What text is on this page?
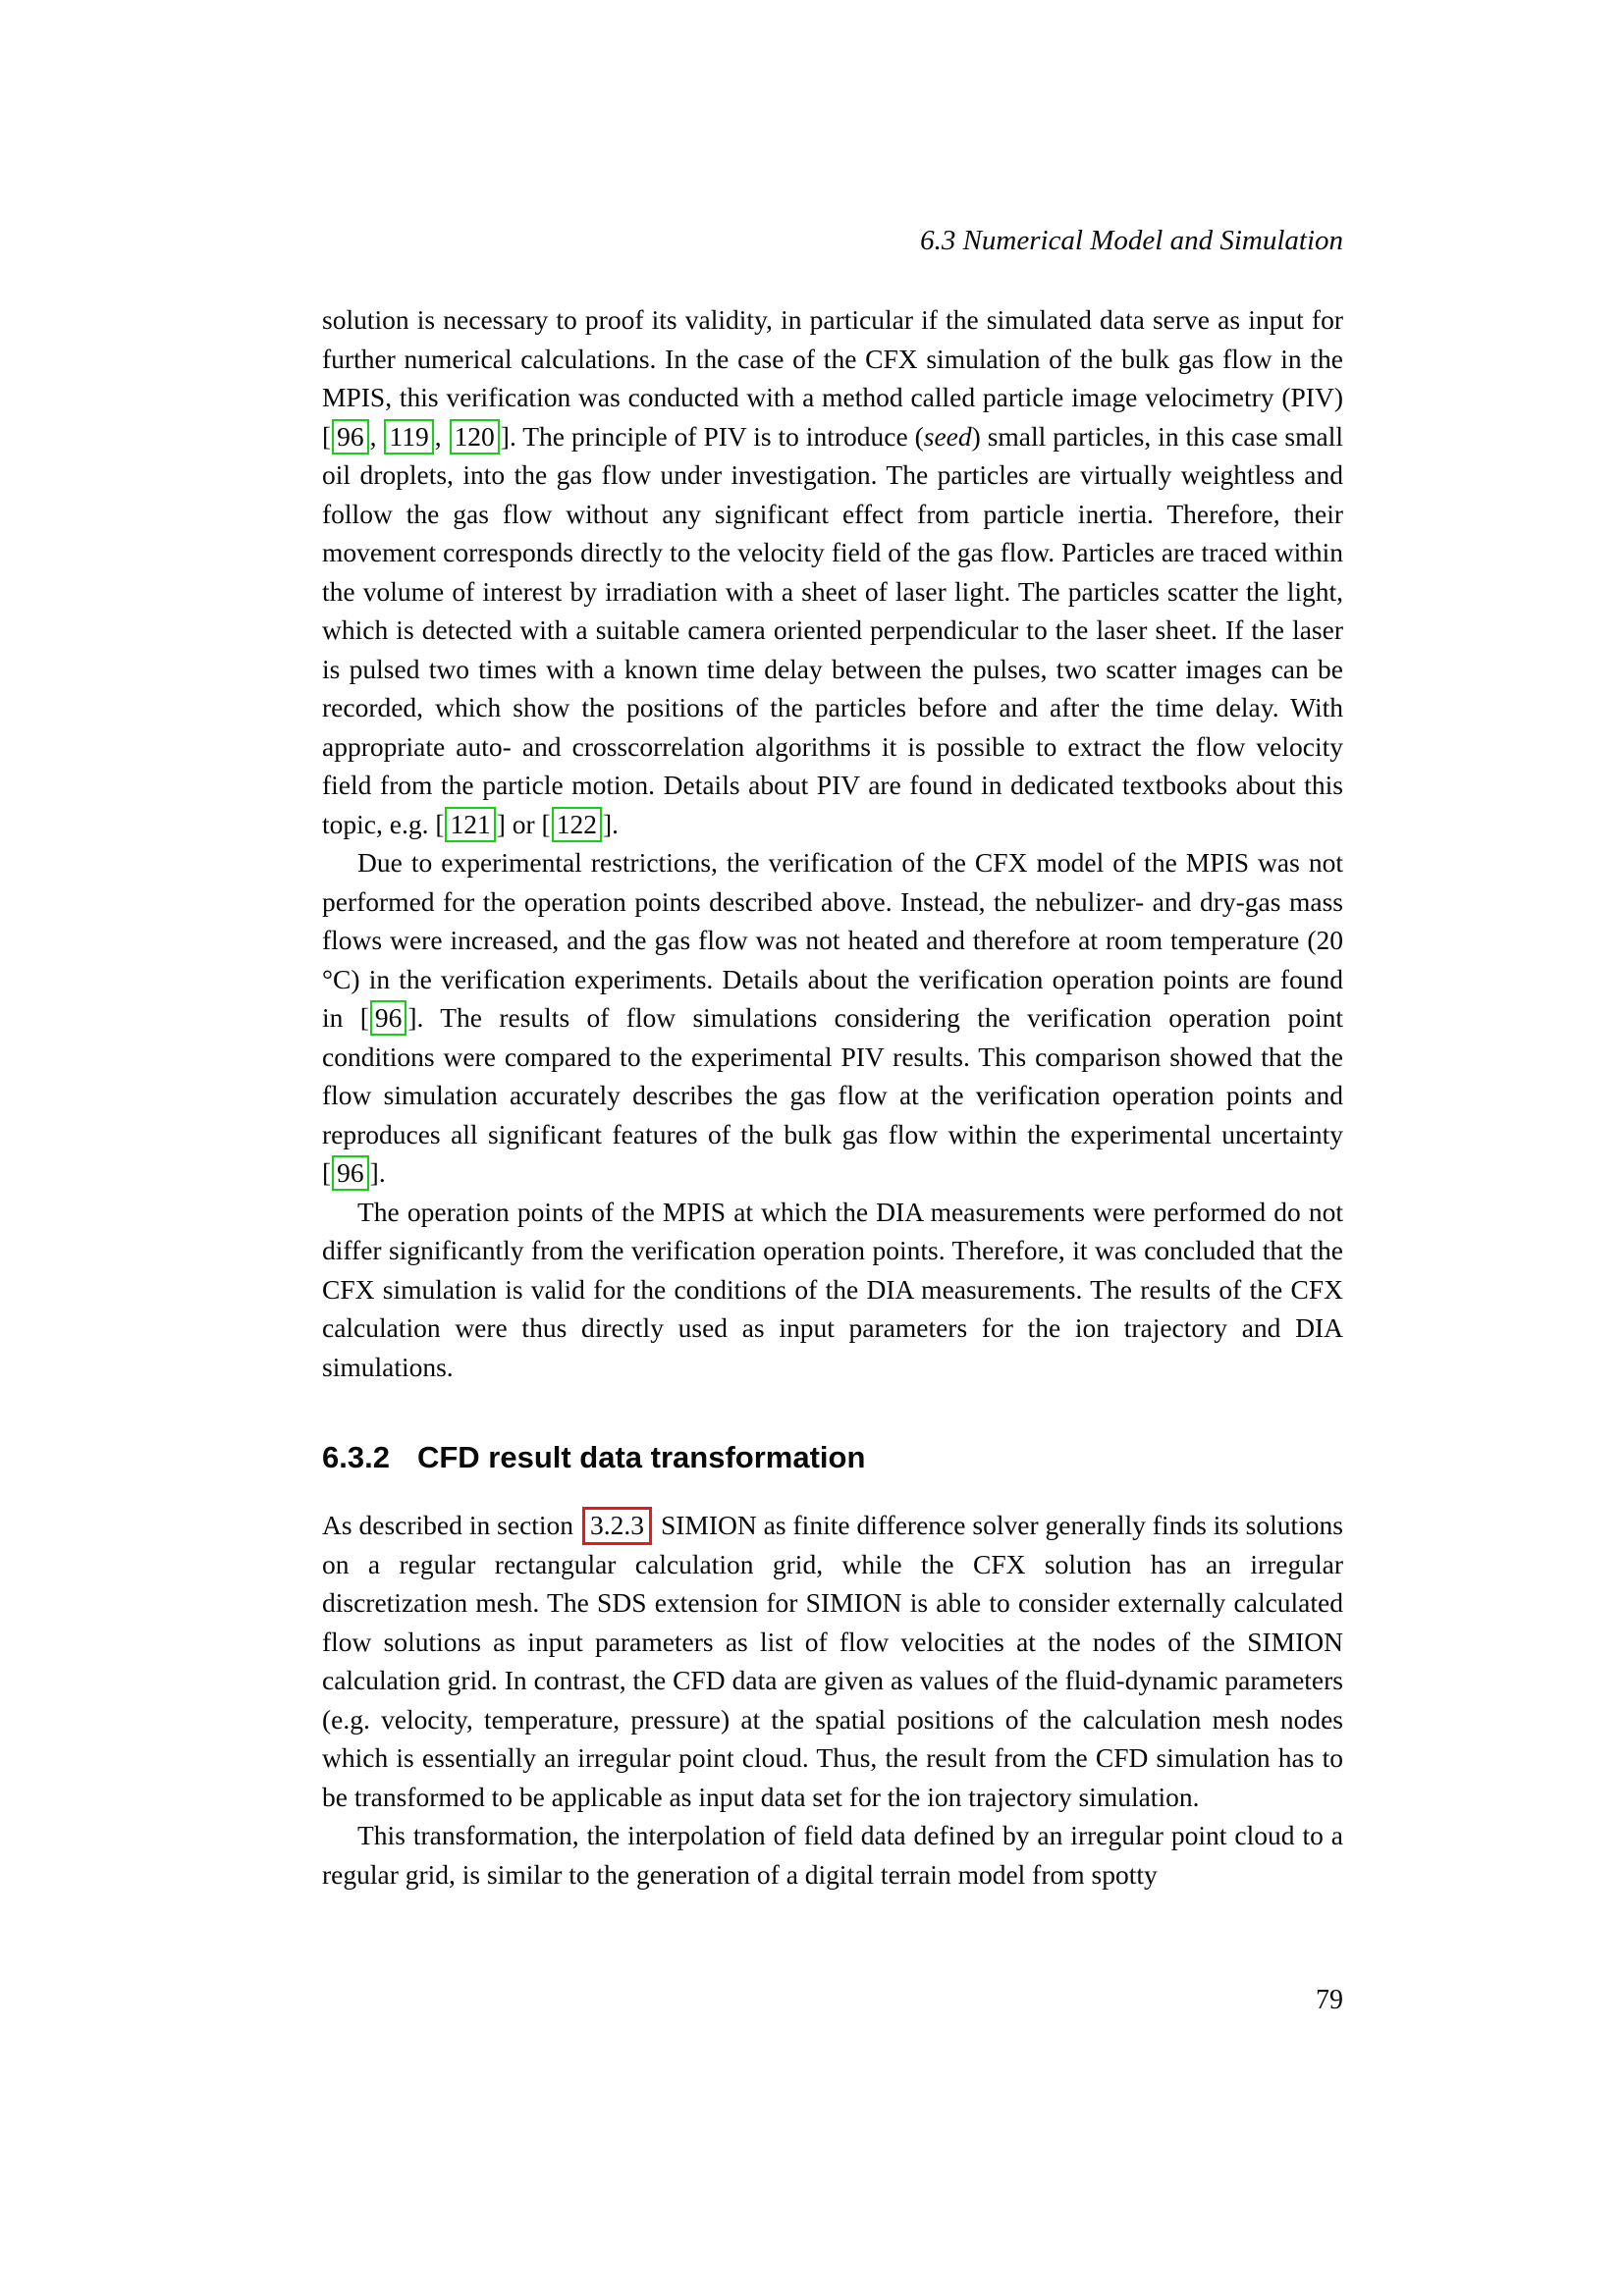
6.3 Numerical Model and Simulation

solution is necessary to proof its validity, in particular if the simulated data serve as input for further numerical calculations. In the case of the CFX simulation of the bulk gas flow in the MPIS, this verification was conducted with a method called particle image velocimetry (PIV) [ 96 , 119 , 120 ]. The principle of PIV is to introduce (seed) small particles, in this case small oil droplets, into the gas flow under investigation. The particles are virtually weightless and follow the gas flow without any significant effect from particle inertia. Therefore, their movement corresponds directly to the velocity field of the gas flow. Particles are traced within the volume of interest by irradiation with a sheet of laser light. The particles scatter the light, which is detected with a suitable camera oriented perpendicular to the laser sheet. If the laser is pulsed two times with a known time delay between the pulses, two scatter images can be recorded, which show the positions of the particles before and after the time delay. With appropriate auto- and crosscorrelation algorithms it is possible to extract the flow velocity field from the particle motion. Details about PIV are found in dedicated textbooks about this topic, e.g. [ 121 ] or [ 122 ].

Due to experimental restrictions, the verification of the CFX model of the MPIS was not performed for the operation points described above. Instead, the nebulizer- and dry-gas mass flows were increased, and the gas flow was not heated and therefore at room temperature (20 °C) in the verification experiments. Details about the verification operation points are found in [ 96 ]. The results of flow simulations considering the verification operation point conditions were compared to the experimental PIV results. This comparison showed that the flow simulation accurately describes the gas flow at the verification operation points and reproduces all significant features of the bulk gas flow within the experimental uncertainty [ 96 ].

The operation points of the MPIS at which the DIA measurements were performed do not differ significantly from the verification operation points. Therefore, it was concluded that the CFX simulation is valid for the conditions of the DIA measurements. The results of the CFX calculation were thus directly used as input parameters for the ion trajectory and DIA simulations.

6.3.2 CFD result data transformation

As described in section 3.2.3 SIMION as finite difference solver generally finds its solutions on a regular rectangular calculation grid, while the CFX solution has an irregular discretization mesh. The SDS extension for SIMION is able to consider externally calculated flow solutions as input parameters as list of flow velocities at the nodes of the SIMION calculation grid. In contrast, the CFD data are given as values of the fluid-dynamic parameters (e.g. velocity, temperature, pressure) at the spatial positions of the calculation mesh nodes which is essentially an irregular point cloud. Thus, the result from the CFD simulation has to be transformed to be applicable as input data set for the ion trajectory simulation.

This transformation, the interpolation of field data defined by an irregular point cloud to a regular grid, is similar to the generation of a digital terrain model from spotty

79
